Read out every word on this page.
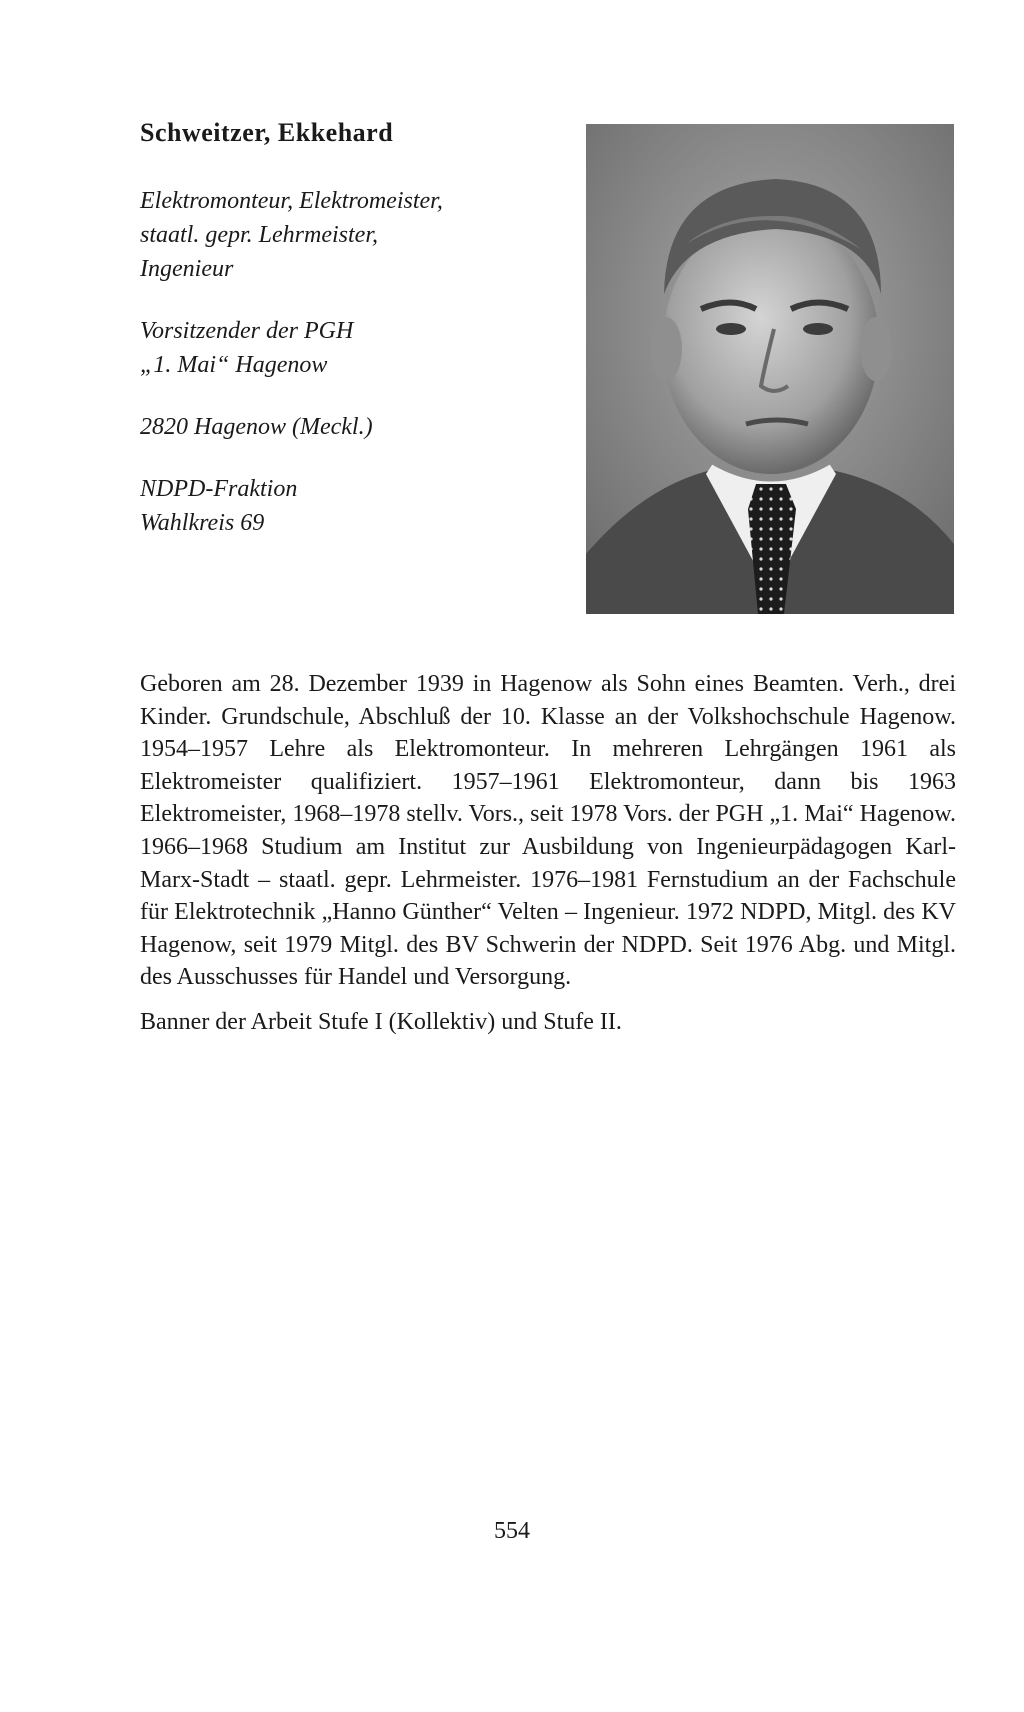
Schweitzer, Ekkehard
Elektromonteur, Elektromeister,
staatl. gepr. Lehrmeister,
Ingenieur
Vorsitzender der PGH
„1. Mai“ Hagenow
2820 Hagenow (Meckl.)
NDPD-Fraktion
Wahlkreis 69

Geboren am 28. Dezember 1939 in Hagenow als Sohn eines Beamten. Verh., drei Kinder. Grundschule, Abschluß der 10. Klasse an der Volkshochschule Hagenow. 1954–1957 Lehre als Elektromonteur. In mehreren Lehrgängen 1961 als Elektromeister qualifiziert. 1957–1961 Elektromonteur, dann bis 1963 Elektromeister, 1968–1978 stellv. Vors., seit 1978 Vors. der PGH „1. Mai“ Hagenow. 1966–1968 Studium am Institut zur Ausbildung von Ingenieurpädagogen Karl-Marx-Stadt – staatl. gepr. Lehrmeister. 1976–1981 Fernstudium an der Fachschule für Elektrotechnik „Hanno Günther“ Velten – Ingenieur. 1972 NDPD, Mitgl. des KV Hagenow, seit 1979 Mitgl. des BV Schwerin der NDPD. Seit 1976 Abg. und Mitgl. des Ausschusses für Handel und Versorgung.

Banner der Arbeit Stufe I (Kollektiv) und Stufe II.
554
